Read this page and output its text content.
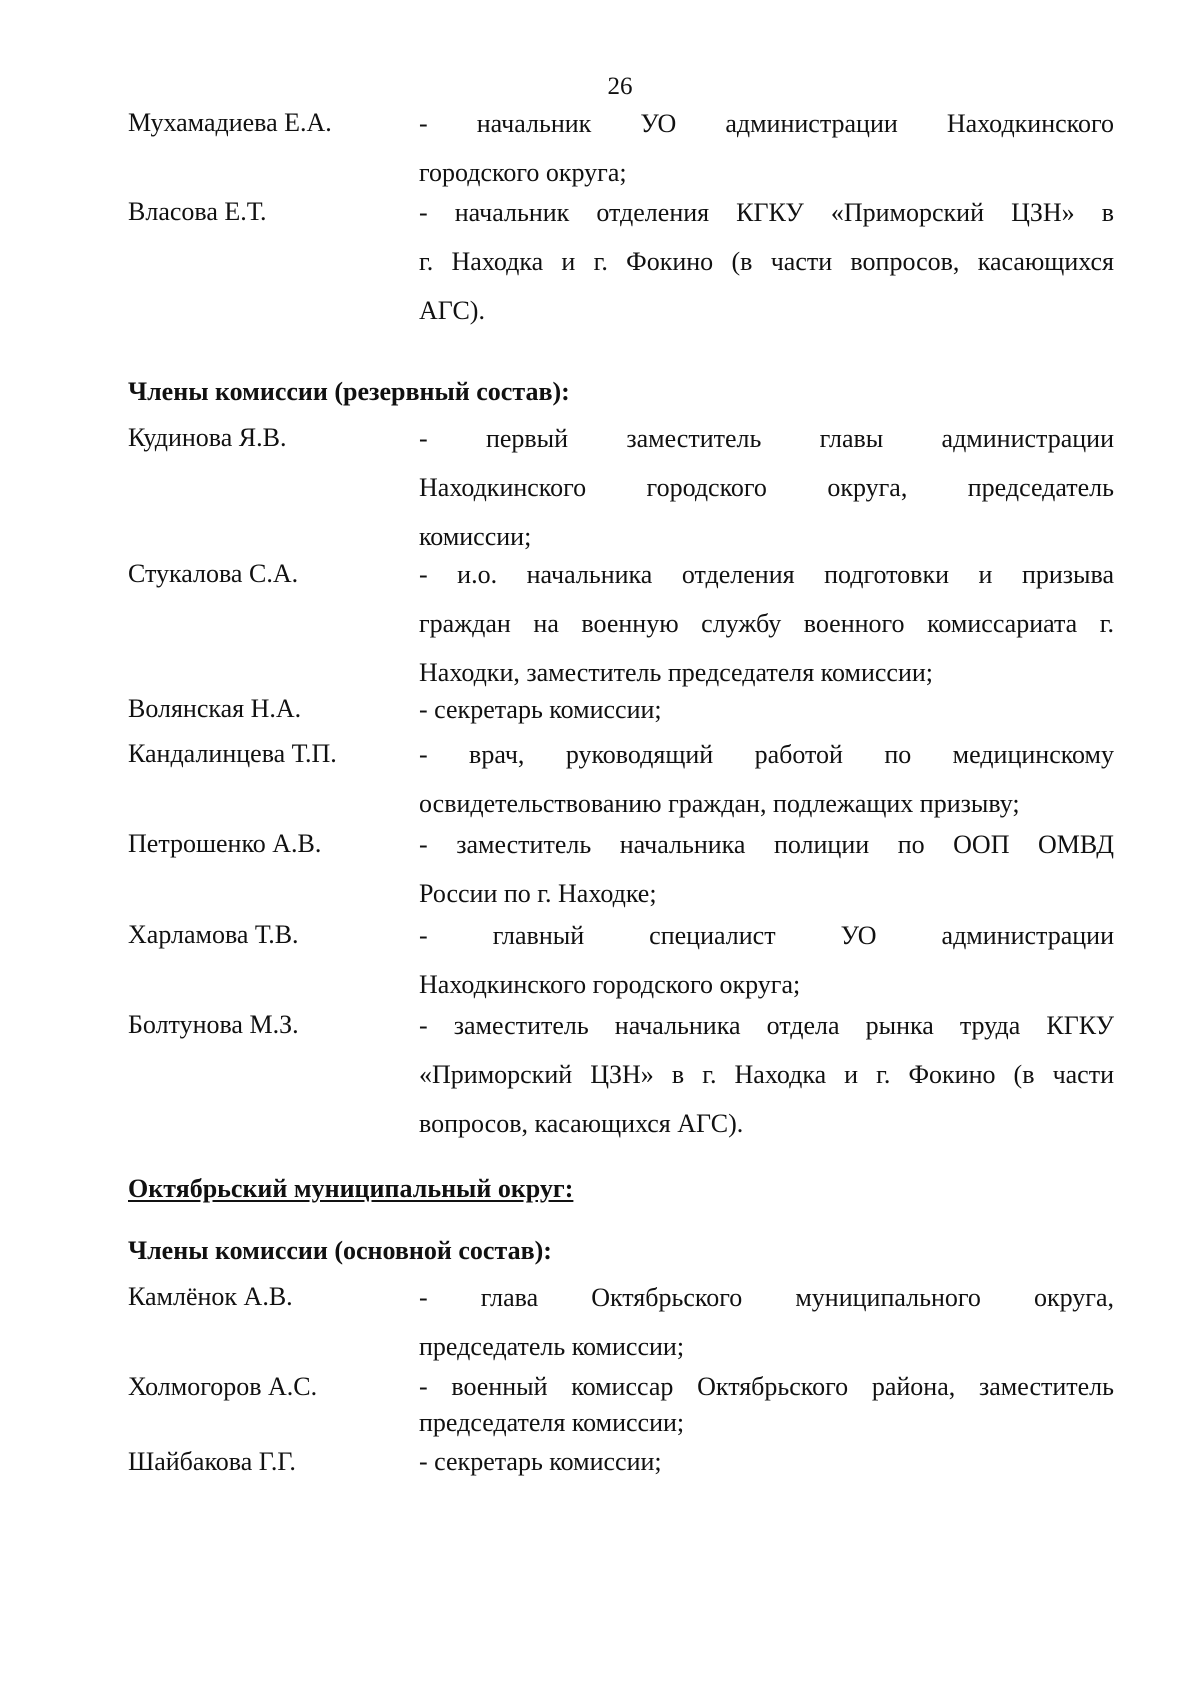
26
Мухамадиева Е.А.	- начальник УО администрации Находкинского
городского округа;
Власова Е.Т.	- начальник отделения КГКУ «Приморский ЦЗН» в
г. Находка и г. Фокино (в части вопросов, касающихся
АГС).
Члены комиссии (резервный состав):
Кудинова Я.В.	- первый заместитель главы администрации
Находкинского городского округа, председатель
комиссии;
Стукалова С.А.	- и.о. начальника отделения подготовки и призыва
граждан на военную службу военного комиссариата г.
Находки, заместитель председателя комиссии;
Волянская Н.А.	- секретарь комиссии;
Кандалинцева Т.П.	- врач, руководящий работой по медицинскому
освидетельствованию граждан, подлежащих призыву;
Петрошенко А.В.	- заместитель начальника полиции по ООП ОМВД
России по г. Находке;
Харламова Т.В.	- главный специалист УО администрации
Находкинского городского округа;
Болтунова М.З.	- заместитель начальника отдела рынка труда КГКУ
«Приморский ЦЗН» в г. Находка и г. Фокино (в части
вопросов, касающихся АГС).
Октябрьский муниципальный округ:
Члены комиссии (основной состав):
Камлёнок А.В.	- глава Октябрьского муниципального округа,
председатель комиссии;
Холмогоров А.С.	- военный комиссар Октябрьского района, заместитель
председателя комиссии;
Шайбакова Г.Г.	- секретарь комиссии;
